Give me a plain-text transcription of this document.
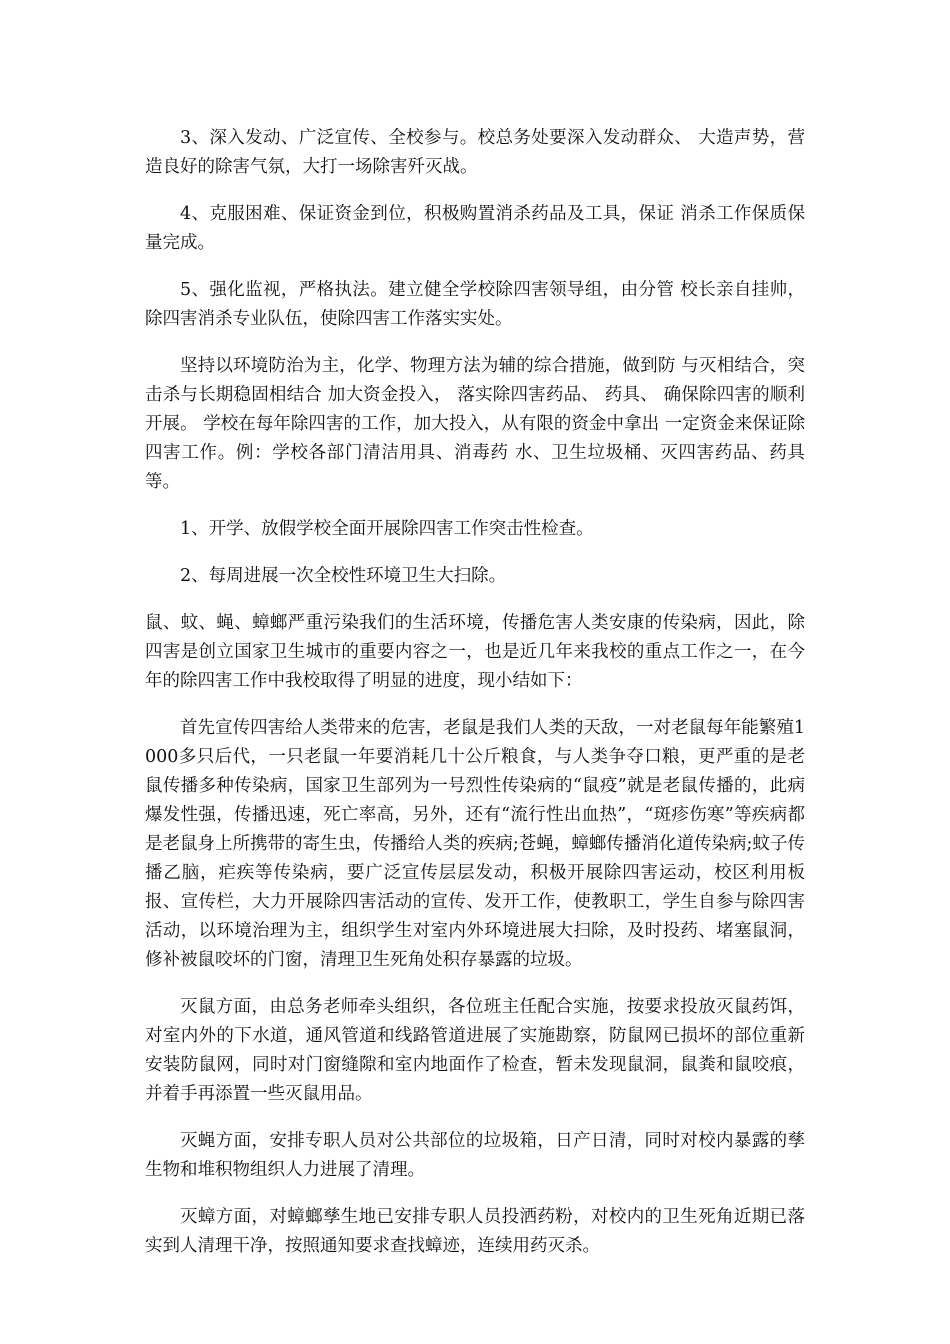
3、深入发动、广泛宣传、全校参与。校总务处要深入发动群众、 大造声势，营造良好的除害气氛，大打一场除害歼灭战。

4、克服困难、保证资金到位，积极购置消杀药品及工具，保证 消杀工作保质保量完成。

5、强化监视，严格执法。建立健全学校除四害领导组，由分管 校长亲自挂帅，除四害消杀专业队伍，使除四害工作落实实处。

坚持以环境防治为主，化学、物理方法为辅的综合措施，做到防 与灭相结合，突击杀与长期稳固相结合 加大资金投入， 落实除四害药品、 药具、 确保除四害的顺利开展。 学校在每年除四害的工作，加大投入，从有限的资金中拿出 一定资金来保证除四害工作。例：学校各部门清洁用具、消毒药 水、卫生垃圾桶、灭四害药品、药具等。

1、开学、放假学校全面开展除四害工作突击性检查。

2、每周进展一次全校性环境卫生大扫除。

鼠、蚊、蝇、蟑螂严重污染我们的生活环境，传播危害人类安康的传染病，因此，除四害是创立国家卫生城市的重要内容之一，也是近几年来我校的重点工作之一，在今年的除四害工作中我校取得了明显的进度，现小结如下：

首先宣传四害给人类带来的危害，老鼠是我们人类的天敌，一对老鼠每年能繁殖1000多只后代，一只老鼠一年要消耗几十公斤粮食，与人类争夺口粮，更严重的是老鼠传播多种传染病，国家卫生部列为一号烈性传染病的“鼠疫”就是老鼠传播的，此病爆发性强，传播迅速，死亡率高，另外，还有“流行性出血热”，“斑疹伤寒”等疾病都是老鼠身上所携带的寄生虫，传播给人类的疾病;苍蝇，蟑螂传播消化道传染病;蚊子传播乙脑，疟疾等传染病，要广泛宣传层层发动，积极开展除四害运动，校区利用板报、宣传栏，大力开展除四害活动的宣传、发开工作，使教职工，学生自参与除四害活动，以环境治理为主，组织学生对室内外环境进展大扫除，及时投药、堵塞鼠洞，修补被鼠咬坏的门窗，清理卫生死角处积存暴露的垃圾。

灭鼠方面，由总务老师牵头组织，各位班主任配合实施，按要求投放灭鼠药饵，对室内外的下水道，通风管道和线路管道进展了实施勘察，防鼠网已损坏的部位重新安装防鼠网，同时对门窗缝隙和室内地面作了检查，暂未发现鼠洞，鼠粪和鼠咬痕，并着手再添置一些灭鼠用品。

灭蝇方面，安排专职人员对公共部位的垃圾箱，日产日清，同时对校内暴露的孳生物和堆积物组织人力进展了清理。

灭蟑方面，对蟑螂孳生地已安排专职人员投洒药粉，对校内的卫生死角近期已落实到人清理干净，按照通知要求查找蟑迹，连续用药灭杀。
